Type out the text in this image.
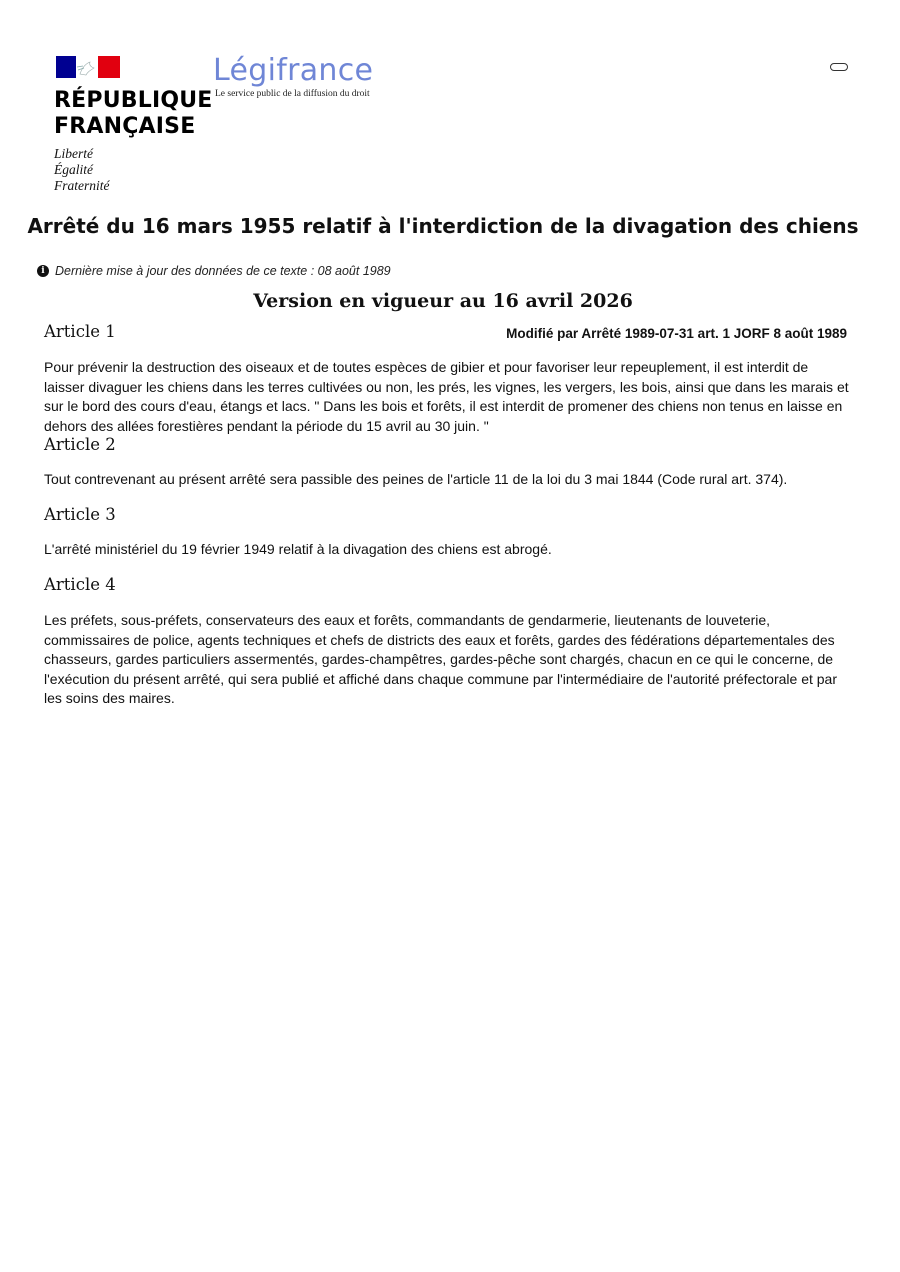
RÉPUBLIQUE
FRANÇAISE
Liberté
Égalité
Fraternité
Légifrance
Le service public de la diffusion du droit
Arrêté du 16 mars 1955 relatif à l'interdiction de la divagation des chiens
i Dernière mise à jour des données de ce texte : 08 août 1989
Version en vigueur au 16 avril 2026
Article 1	Modifié par Arrêté 1989-07-31 art. 1 JORF 8 août 1989
Pour prévenir la destruction des oiseaux et de toutes espèces de gibier et pour favoriser leur repeuplement, il est interdit de laisser divaguer les chiens dans les terres cultivées ou non, les prés, les vignes, les vergers, les bois, ainsi que dans les marais et sur le bord des cours d'eau, étangs et lacs. " Dans les bois et forêts, il est interdit de promener des chiens non tenus en laisse en dehors des allées forestières pendant la période du 15 avril au 30 juin. "
Article 2
Tout contrevenant au présent arrêté sera passible des peines de l'article 11 de la loi du 3 mai 1844 (Code rural art. 374).
Article 3
L'arrêté ministériel du 19 février 1949 relatif à la divagation des chiens est abrogé.
Article 4
Les préfets, sous-préfets, conservateurs des eaux et forêts, commandants de gendarmerie, lieutenants de louveterie, commissaires de police, agents techniques et chefs de districts des eaux et forêts, gardes des fédérations départementales des chasseurs, gardes particuliers assermentés, gardes-champêtres, gardes-pêche sont chargés, chacun en ce qui le concerne, de l'exécution du présent arrêté, qui sera publié et affiché dans chaque commune par l'intermédiaire de l'autorité préfectorale et par les soins des maires.
